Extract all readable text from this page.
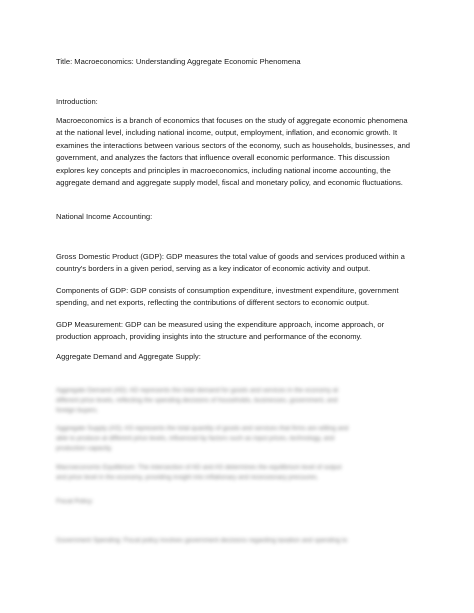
Title: Macroeconomics: Understanding Aggregate Economic Phenomena

Introduction:

Macroeconomics is a branch of economics that focuses on the study of aggregate economic phenomena
at the national level, including national income, output, employment, inflation, and economic growth. It
examines the interactions between various sectors of the economy, such as households, businesses, and
government, and analyzes the factors that influence overall economic performance. This discussion
explores key concepts and principles in macroeconomics, including national income accounting, the
aggregate demand and aggregate supply model, fiscal and monetary policy, and economic fluctuations.

National Income Accounting:

Gross Domestic Product (GDP): GDP measures the total value of goods and services produced within a
country's borders in a given period, serving as a key indicator of economic activity and output.

Components of GDP: GDP consists of consumption expenditure, investment expenditure, government
spending, and net exports, reflecting the contributions of different sectors to economic output.

GDP Measurement: GDP can be measured using the expenditure approach, income approach, or
production approach, providing insights into the structure and performance of the economy.

Aggregate Demand and Aggregate Supply:

Aggregate Demand (AD): AD represents the total demand for goods and services in the economy at
different price levels, reflecting the spending decisions of households, businesses, government, and
foreign buyers.

Aggregate Supply (AS): AS represents the total quantity of goods and services that firms are willing and
able to produce at different price levels, influenced by factors such as input prices, technology, and
production capacity.

Macroeconomic Equilibrium: The intersection of AD and AS determines the equilibrium level of output
and price level in the economy, providing insight into inflationary and recessionary pressures.

Fiscal Policy:

Government Spending: Fiscal policy involves government decisions regarding taxation and spending to
